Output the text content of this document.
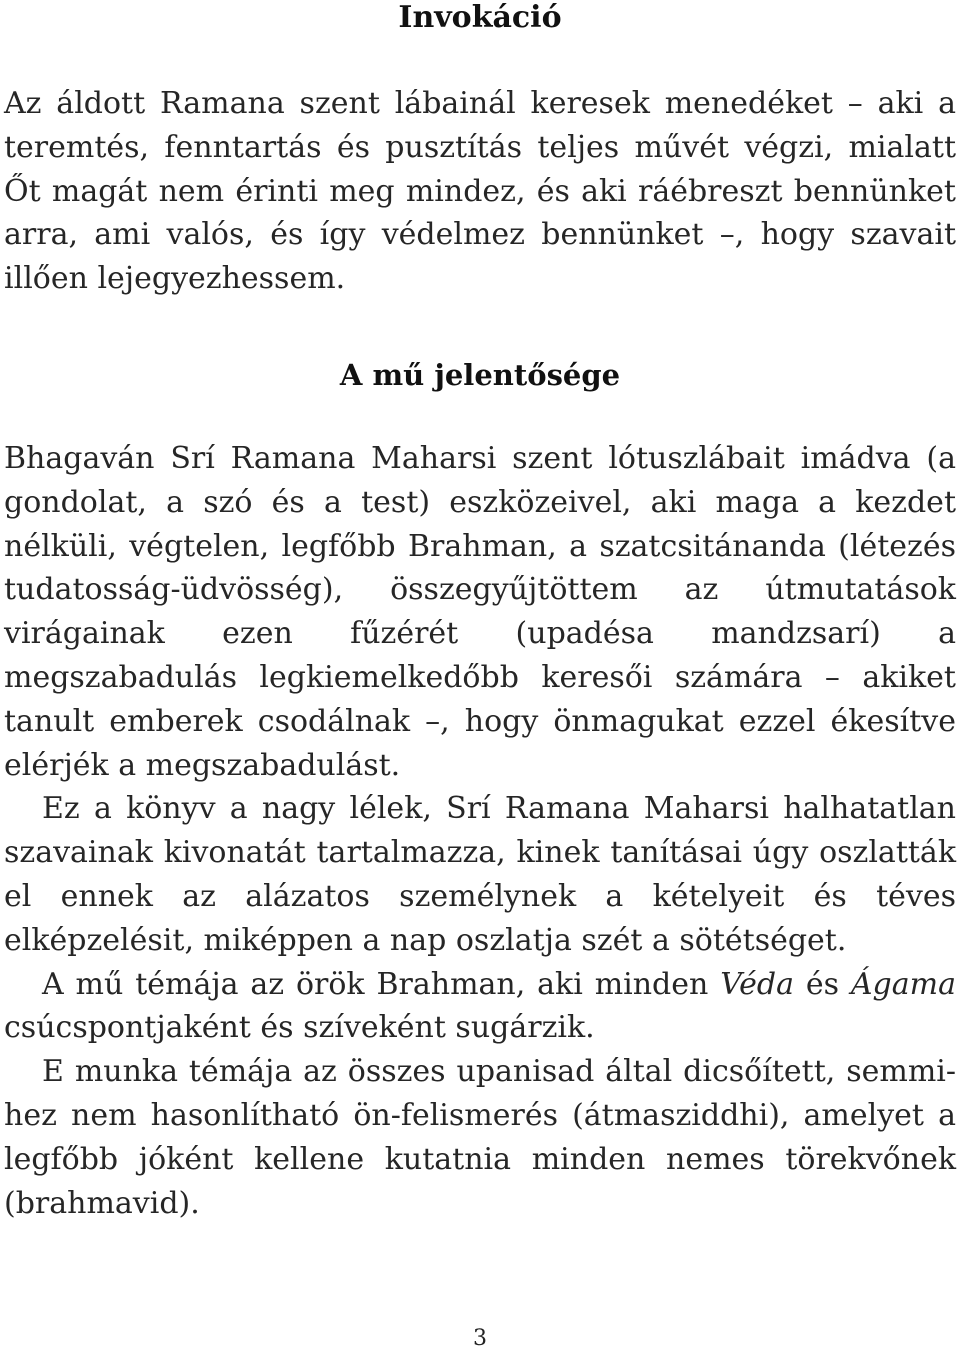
Invokáció

Az áldott Ramana szent lábainál keresek menedéket – aki a teremtés, fenntartás és pusztítás teljes művét végzi, mialatt Őt magát nem érinti meg mindez, és aki ráébreszt bennünket arra, ami valós, és így védelmez bennünket –, hogy szavait illően lejegyezhessem.

A mű jelentősége

Bhagaván Srí Ramana Maharsi szent lótuszlábait imádva (a gondolat, a szó és a test) eszközeivel, aki maga a kezdet nélküli, végtelen, legfőbb Brahman, a szatcsitánanda (létezés​tudatosság-üdvösség), összegyűjtöttem az útmutatások virágainak ezen fűzérét (upadésa mandzsarí) a megszabadulás legkiemelkedőbb keresői számára – akiket tanult emberek csodálnak –, hogy önmagukat ezzel ékesítve elérjék a megszabadulást.

Ez a könyv a nagy lélek, Srí Ramana Maharsi halhatatlan szavainak kivonatát tartalmazza, kinek tanításai úgy oszlatták el ennek az alázatos személynek a kételyeit és téves elképzelésit, miképpen a nap oszlatja szét a sötétséget.

A mű témája az örök Brahman, aki minden Véda és Ágama csúcspontjaként és szíveként sugárzik.

E munka témája az összes upanisad által dicsőített, semmihez nem hasonlítható ön-felismerés (átmasziddhi), amelyet a legfőbb jóként kellene kutatnia minden nemes törekvőnek (brahmavid).

3
